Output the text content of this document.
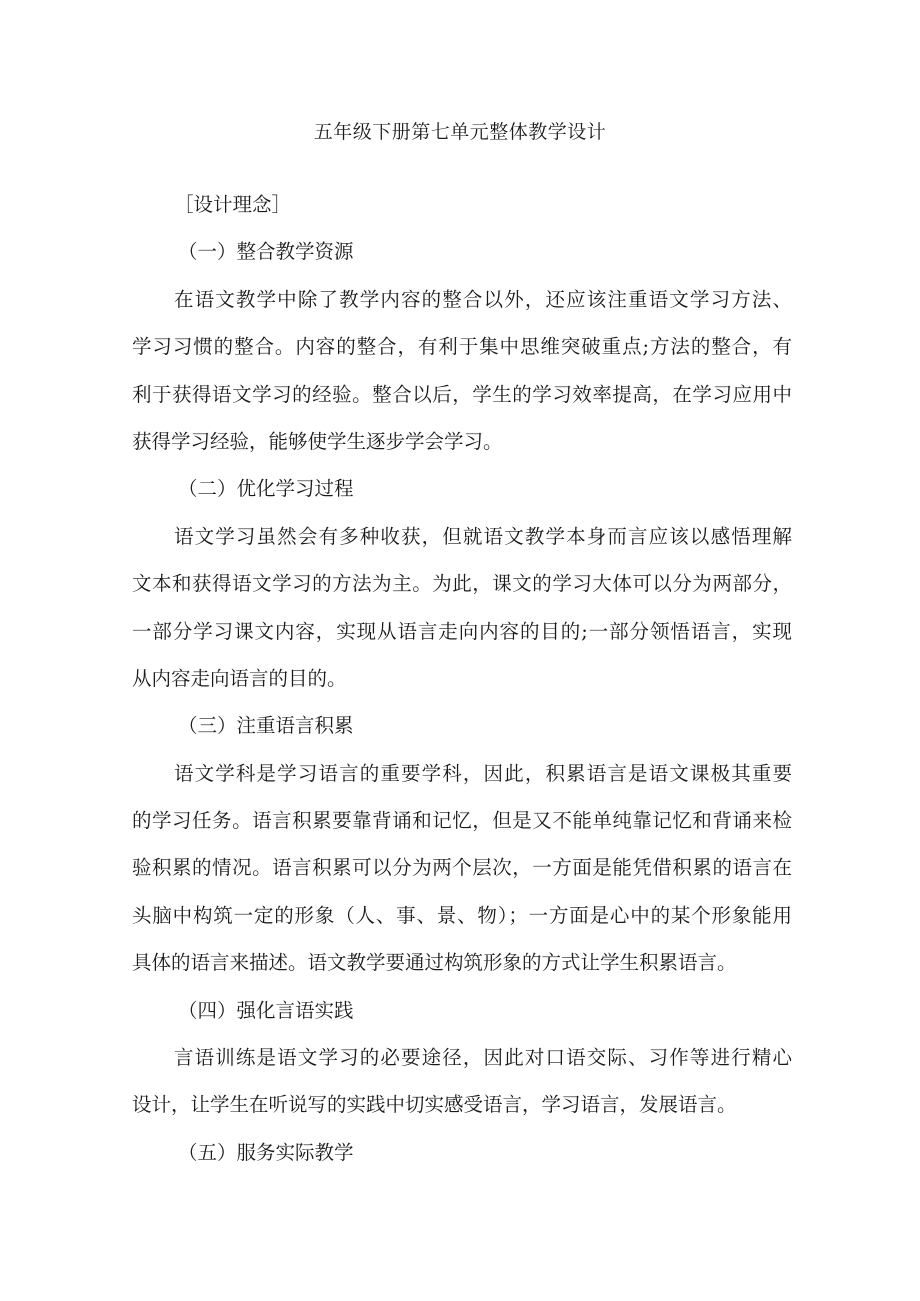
五年级下册第七单元整体教学设计
［设计理念］
（一）整合教学资源
在语文教学中除了教学内容的整合以外，还应该注重语文学习方法、
学习习惯的整合。内容的整合，有利于集中思维突破重点;方法的整合，有
利于获得语文学习的经验。整合以后，学生的学习效率提高，在学习应用中
获得学习经验，能够使学生逐步学会学习。
（二）优化学习过程
语文学习虽然会有多种收获，但就语文教学本身而言应该以感悟理解
文本和获得语文学习的方法为主。为此，课文的学习大体可以分为两部分，
一部分学习课文内容，实现从语言走向内容的目的;一部分领悟语言，实现
从内容走向语言的目的。
（三）注重语言积累
语文学科是学习语言的重要学科，因此，积累语言是语文课极其重要
的学习任务。语言积累要靠背诵和记忆，但是又不能单纯靠记忆和背诵来检
验积累的情况。语言积累可以分为两个层次，一方面是能凭借积累的语言在
头脑中构筑一定的形象（人、事、景、物）；一方面是心中的某个形象能用
具体的语言来描述。语文教学要通过构筑形象的方式让学生积累语言。
（四）强化言语实践
言语训练是语文学习的必要途径，因此对口语交际、习作等进行精心
设计，让学生在听说写的实践中切实感受语言，学习语言，发展语言。
（五）服务实际教学
